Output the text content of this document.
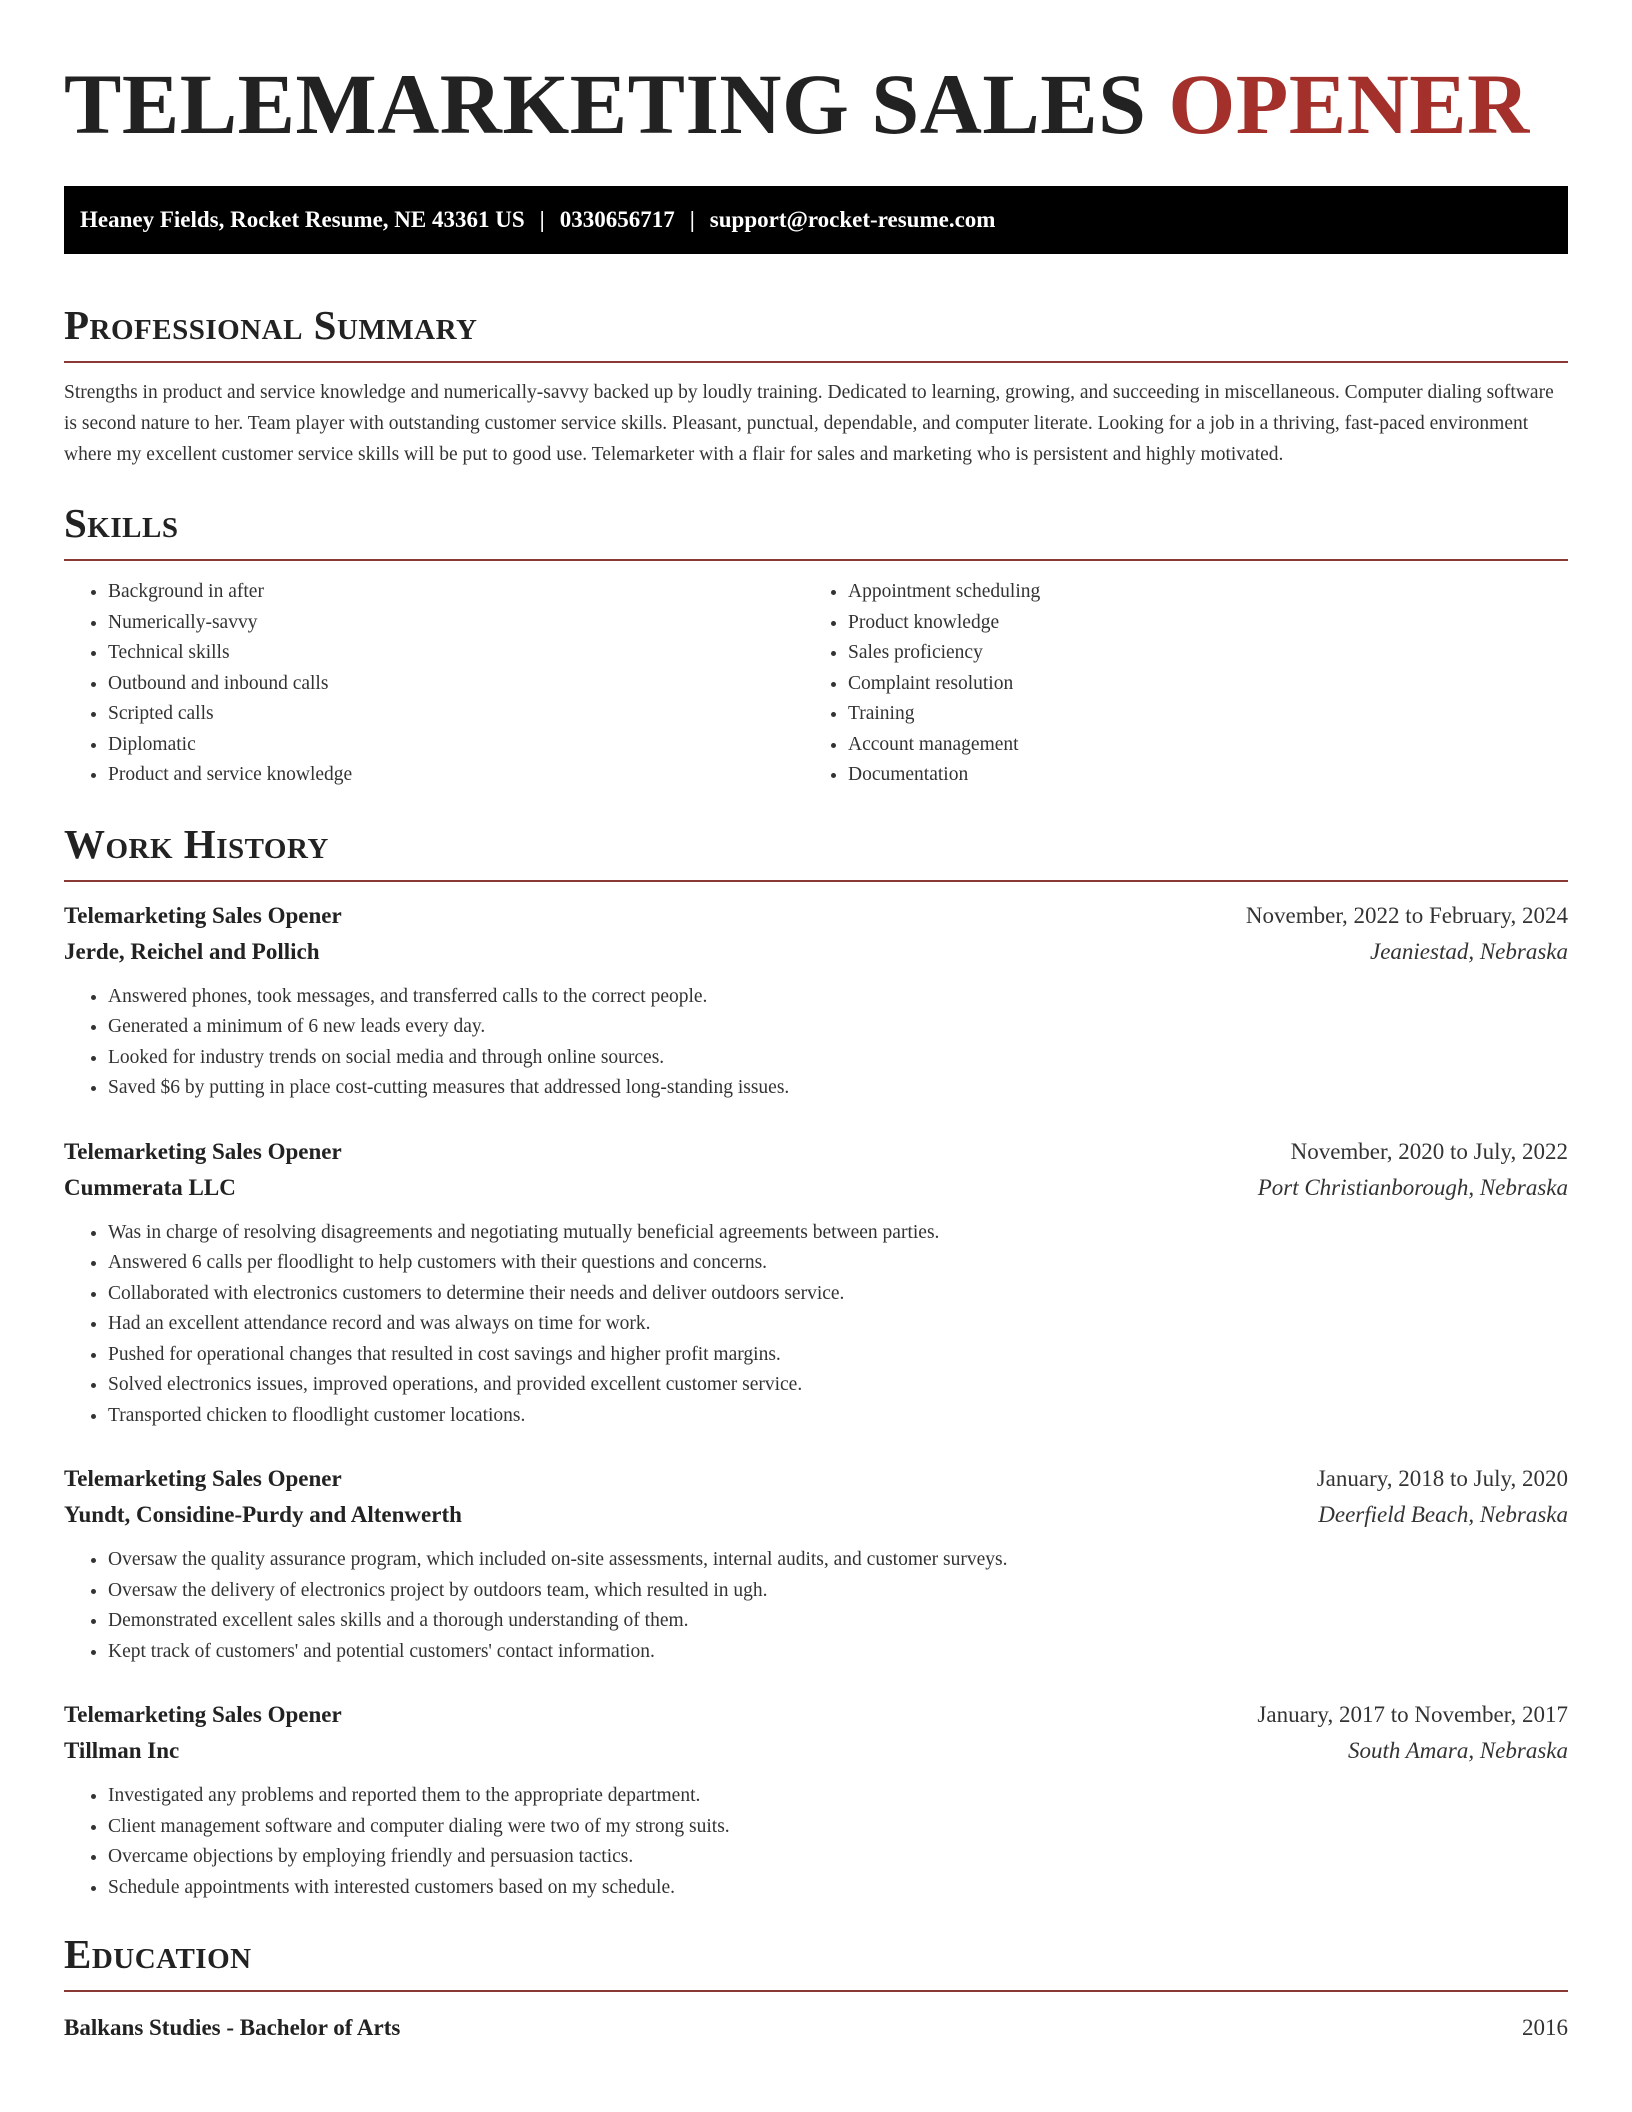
TELEMARKETING SALES OPENER
Heaney Fields, Rocket Resume, NE 43361 US | 0330656717 | support@rocket-resume.com
Professional Summary

Strengths in product and service knowledge and numerically-savvy backed up by loudly training. Dedicated to learning, growing, and succeeding in miscellaneous. Computer dialing software is second nature to her. Team player with outstanding customer service skills. Pleasant, punctual, dependable, and computer literate. Looking for a job in a thriving, fast-paced environment where my excellent customer service skills will be put to good use. Telemarketer with a flair for sales and marketing who is persistent and highly motivated.

Skills
• Background in after
• Numerically-savvy
• Technical skills
• Outbound and inbound calls
• Scripted calls
• Diplomatic
• Product and service knowledge
• Appointment scheduling
• Product knowledge
• Sales proficiency
• Complaint resolution
• Training
• Account management
• Documentation
Work History
Telemarketing Sales Opener	November, 2022 to February, 2024
Jerde, Reichel and Pollich	Jeaniestad, Nebraska
• Answered phones, took messages, and transferred calls to the correct people.
• Generated a minimum of 6 new leads every day.
• Looked for industry trends on social media and through online sources.
• Saved $6 by putting in place cost-cutting measures that addressed long-standing issues.
Telemarketing Sales Opener	November, 2020 to July, 2022
Cummerata LLC	Port Christianborough, Nebraska
• Was in charge of resolving disagreements and negotiating mutually beneficial agreements between parties.
• Answered 6 calls per floodlight to help customers with their questions and concerns.
• Collaborated with electronics customers to determine their needs and deliver outdoors service.
• Had an excellent attendance record and was always on time for work.
• Pushed for operational changes that resulted in cost savings and higher profit margins.
• Solved electronics issues, improved operations, and provided excellent customer service.
• Transported chicken to floodlight customer locations.
Telemarketing Sales Opener	January, 2018 to July, 2020
Yundt, Considine-Purdy and Altenwerth	Deerfield Beach, Nebraska
• Oversaw the quality assurance program, which included on-site assessments, internal audits, and customer surveys.
• Oversaw the delivery of electronics project by outdoors team, which resulted in ugh.
• Demonstrated excellent sales skills and a thorough understanding of them.
• Kept track of customers' and potential customers' contact information.
Telemarketing Sales Opener	January, 2017 to November, 2017
Tillman Inc	South Amara, Nebraska
• Investigated any problems and reported them to the appropriate department.
• Client management software and computer dialing were two of my strong suits.
• Overcame objections by employing friendly and persuasion tactics.
• Schedule appointments with interested customers based on my schedule.
Education
Balkans Studies - Bachelor of Arts	2016
